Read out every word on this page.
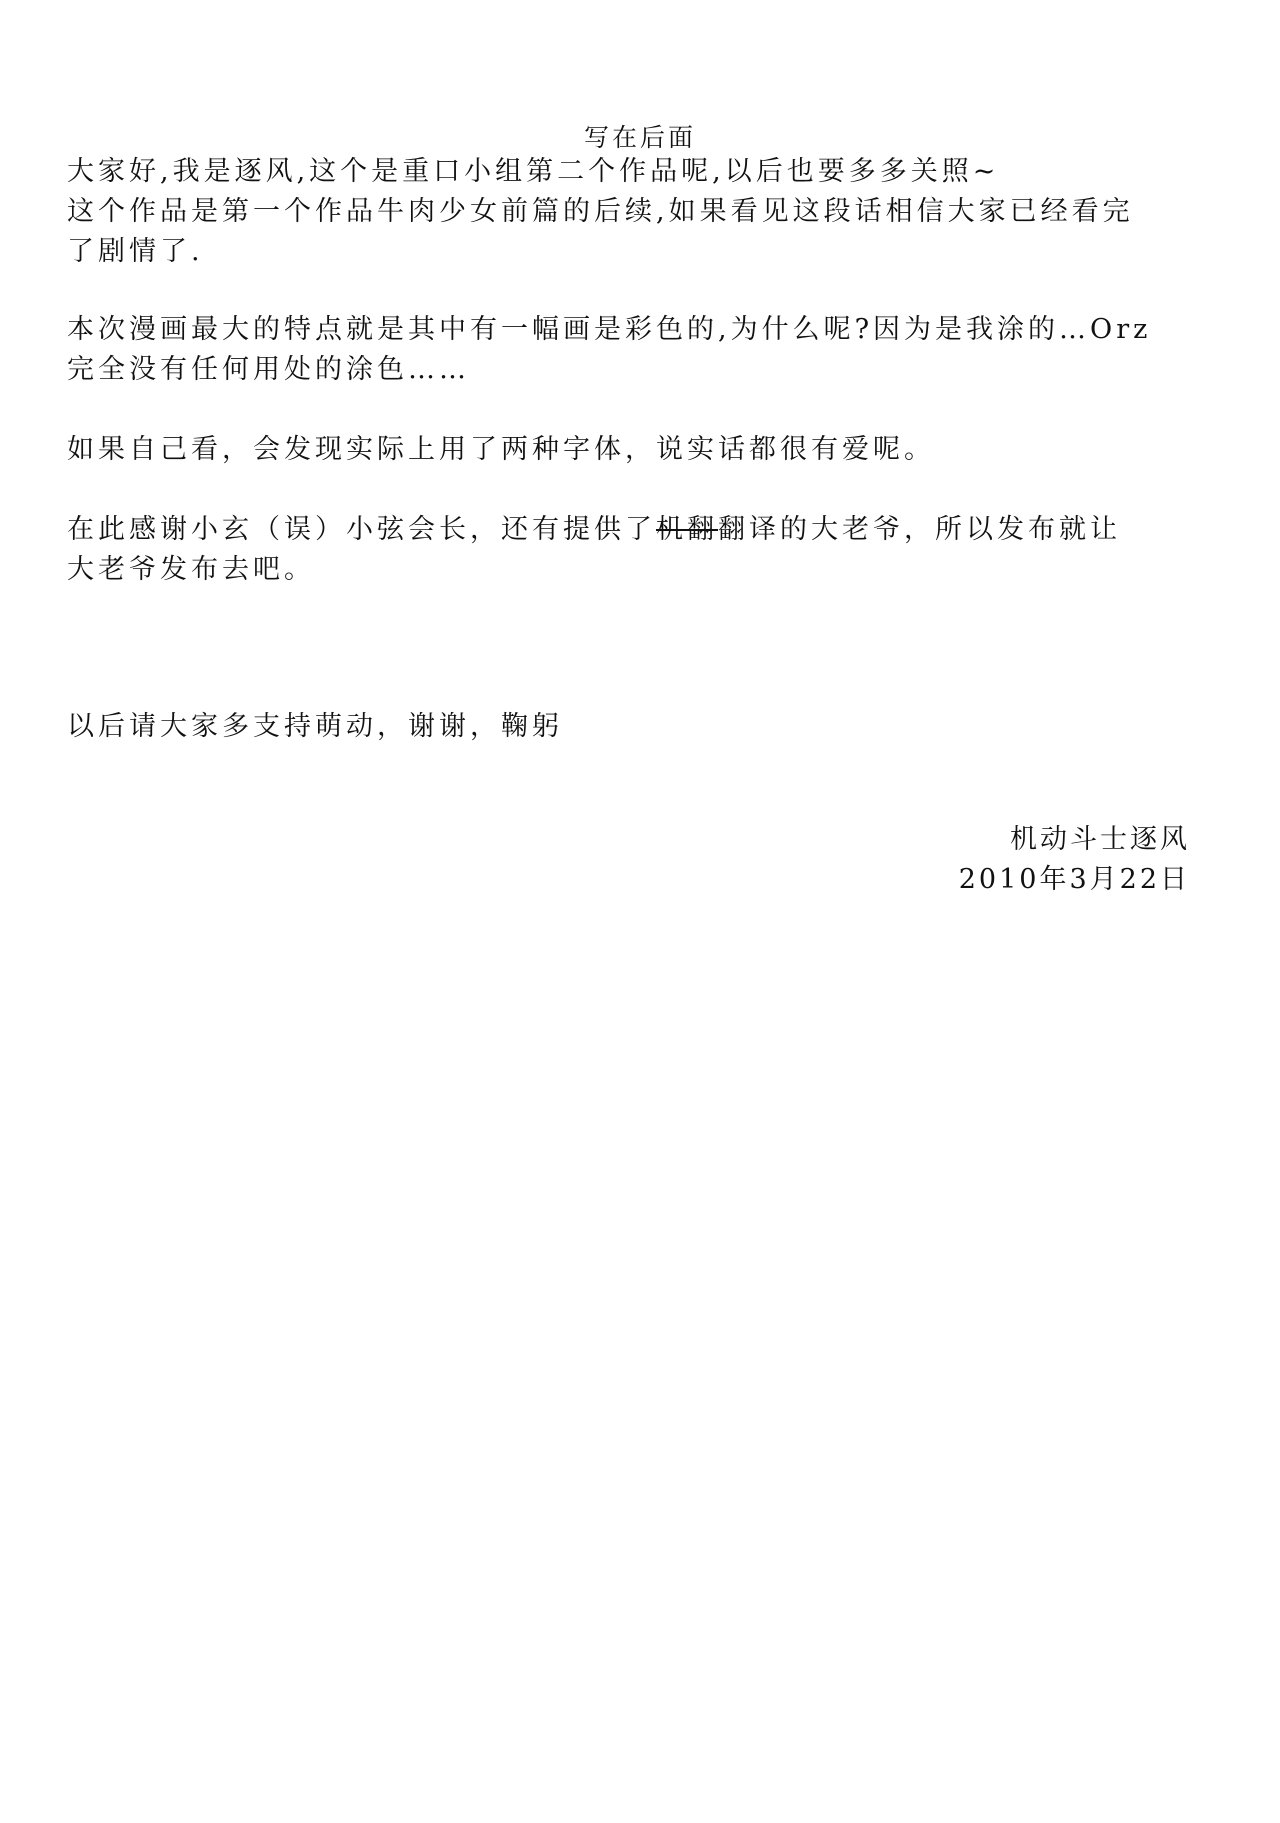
写在后面

大家好,我是逐风,这个是重口小组第二个作品呢,以后也要多多关照~
这个作品是第一个作品牛肉少女前篇的后续,如果看见这段话相信大家已经看完
了剧情了.

本次漫画最大的特点就是其中有一幅画是彩色的,为什么呢?因为是我涂的…Orz
完全没有任何用处的涂色……

如果自己看，会发现实际上用了两种字体，说实话都很有爱呢。

在此感谢小玄（误）小弦会长，还有提供了机翻翻译的大老爷，所以发布就让
大老爷发布去吧。

以后请大家多支持萌动，谢谢，鞠躬

机动斗士逐风
2010年3月22日
